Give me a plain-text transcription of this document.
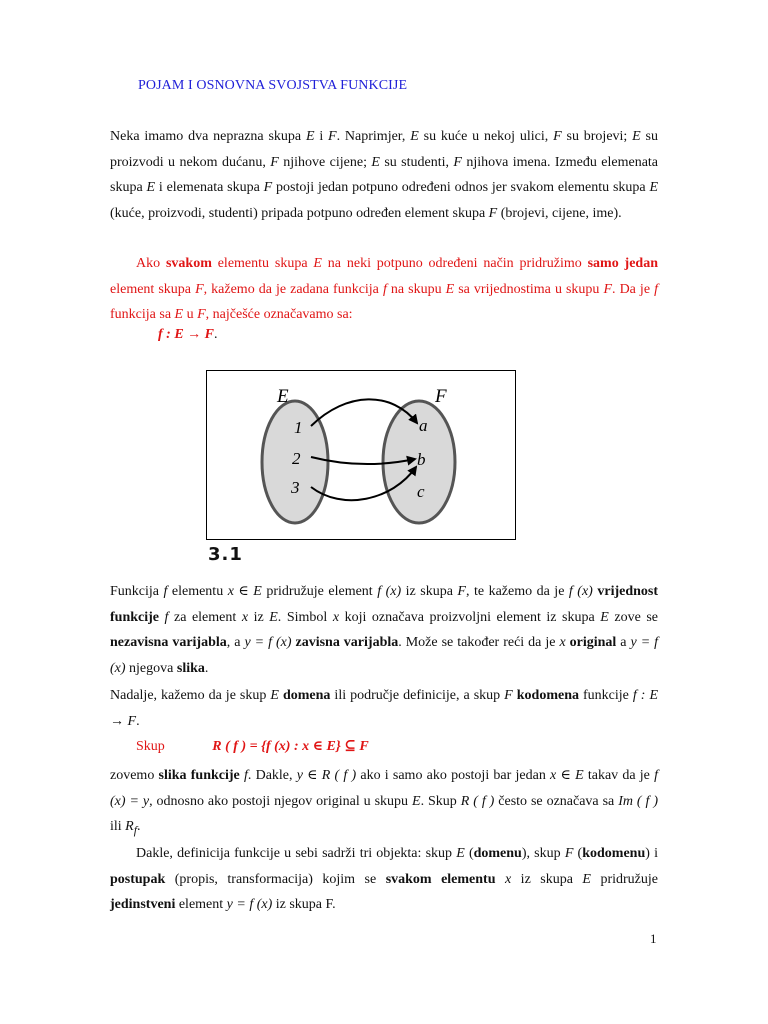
POJAM I OSNOVNA SVOJSTVA FUNKCIJE

Neka imamo dva neprazna skupa E i F. Naprimjer, E su kuće u nekoj ulici, F su brojevi; E su proizvodi u nekom dućanu, F njihove cijene; E su studenti, F njihova imena. Između elemenata skupa E i elemenata skupa F postoji jedan potpuno određeni odnos jer svakom elementu skupa E (kuće, proizvodi, studenti) pripada potpuno određen element skupa F (brojevi, cijene, ime).

Ako svakom elementu skupa E na neki potpuno određeni način pridružimo samo jedan element skupa F, kažemo da je zadana funkcija f na skupu E sa vrijednostima u skupu F. Da je f funkcija sa E u F, najčešće označavamo sa:

f : E → F.
E	F
1
2
3
a
b
c
3.1

Funkcija f elementu x ∈ E pridružuje element f (x) iz skupa F, te kažemo da je f (x) vrijednost funkcije f za element x iz E. Simbol x koji označava proizvoljni element iz skupa E zove se nezavisna varijabla, a y = f (x) zavisna varijabla. Može se također reći da je x original a y = f (x) njegova slika.

Nadalje, kažemo da je skup E domena ili područje definicije, a skup F kodomena funkcije f : E → F.

Skup	R ( f ) = {f (x) : x ∈ E} ⊆ F

zovemo slika funkcije f. Dakle, y ∈ R ( f ) ako i samo ako postoji bar jedan x ∈ E takav da je f (x) = y, odnosno ako postoji njegov original u skupu E. Skup R ( f ) često se označava sa Im ( f ) ili $R_f$.

Dakle, definicija funkcije u sebi sadrži tri objekta: skup E (domenu), skup F (kodomenu) i postupak (propis, transformacija) kojim se svakom elementu x iz skupa E pridružuje jedinstveni element y = f (x) iz skupa F.

1
